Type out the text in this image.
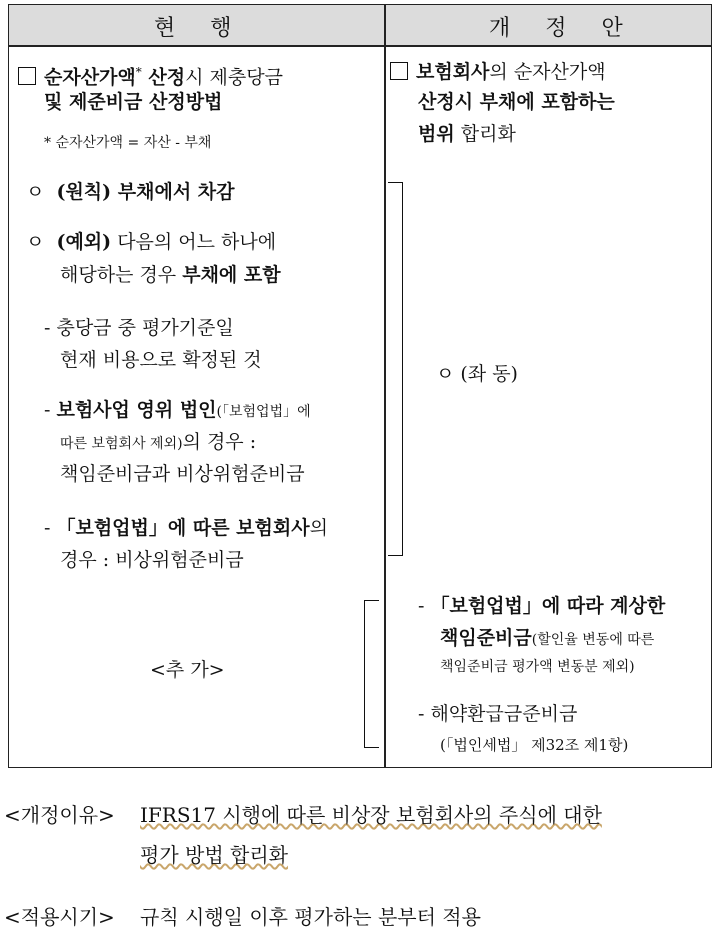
현 행	개 정 안
순자산가액* 산정시 제충당금
및 제준비금 산정방법
* 순자산가액 = 자산 - 부채
ㅇ (원칙) 부채에서 차감
ㅇ (예외) 다음의 어느 하나에
해당하는 경우 부채에 포함
- 충당금 중 평가기준일
현재 비용으로 확정된 것
- 보험사업 영위 법인(「보험업법」에
따른 보험회사 제외)의 경우 :
책임준비금과 비상위험준비금
- 「보험업법」에 따른 보험회사의
경우 : 비상위험준비금
<추 가>
보험회사의 순자산가액
산정시 부채에 포함하는
범위 합리화
ㅇ (좌 동)
- 「보험업법」에 따라 계상한
책임준비금(할인율 변동에 따른
책임준비금 평가액 변동분 제외)
- 해약환급금준비금
(「법인세법」 제32조 제1항)
<개정이유> IFRS17 시행에 따른 비상장 보험회사의 주식에 대한
평가 방법 합리화
<적용시기> 규칙 시행일 이후 평가하는 분부터 적용
